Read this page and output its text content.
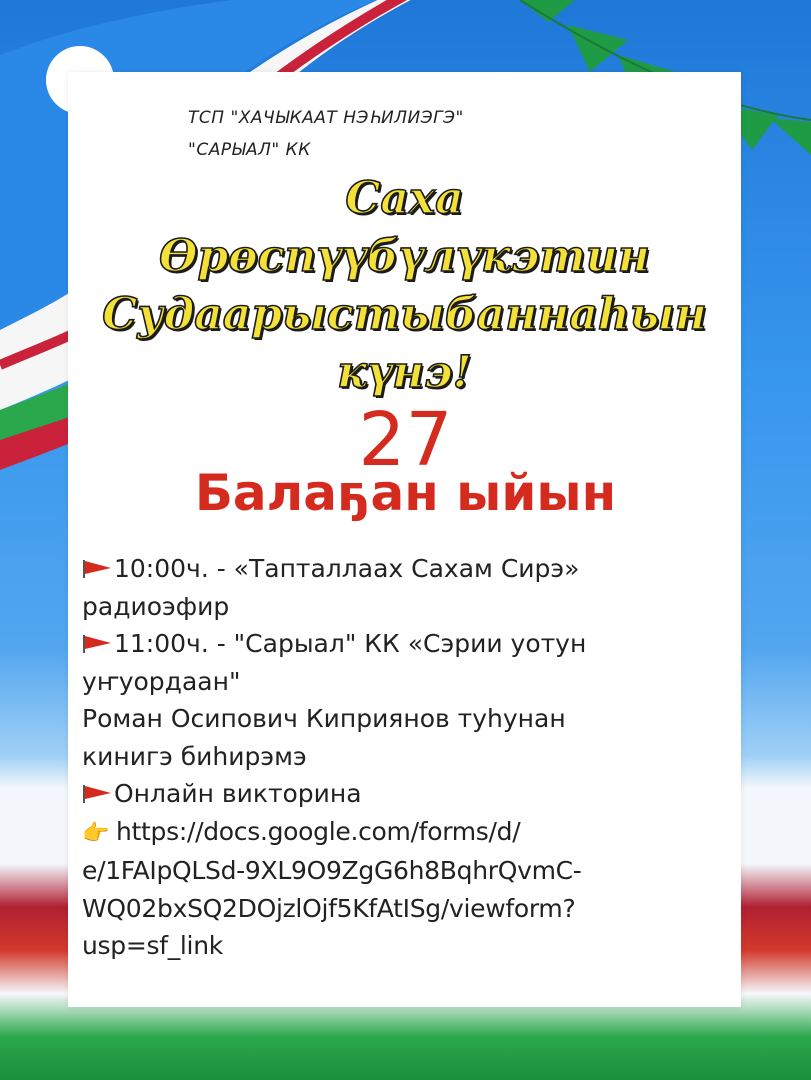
ТСП "ХАЧЫКААТ НЭҺИЛИЭГЭ"
"САРЫАЛ" КК
Саха
Өрөспүүбүлүкэтин
Судаарыстыбаннаһын
күнэ!
27
Балаҕан ыйын
10:00ч. - «Тапталлаах Сахам Сирэ»
радиоэфир
11:00ч. - "Сарыал" КК «Сэрии уотун
уҥуордаан"
Роман Осипович Киприянов туһунан
кинигэ биһирэмэ
Онлайн викторина
👉 https://docs.google.com/forms/d/
e/1FAIpQLSd-9XL9O9ZgG6h8BqhrQvmC-
WQ02bxSQ2DOjzlOjf5KfAtISg/viewform?
usp=sf_link
